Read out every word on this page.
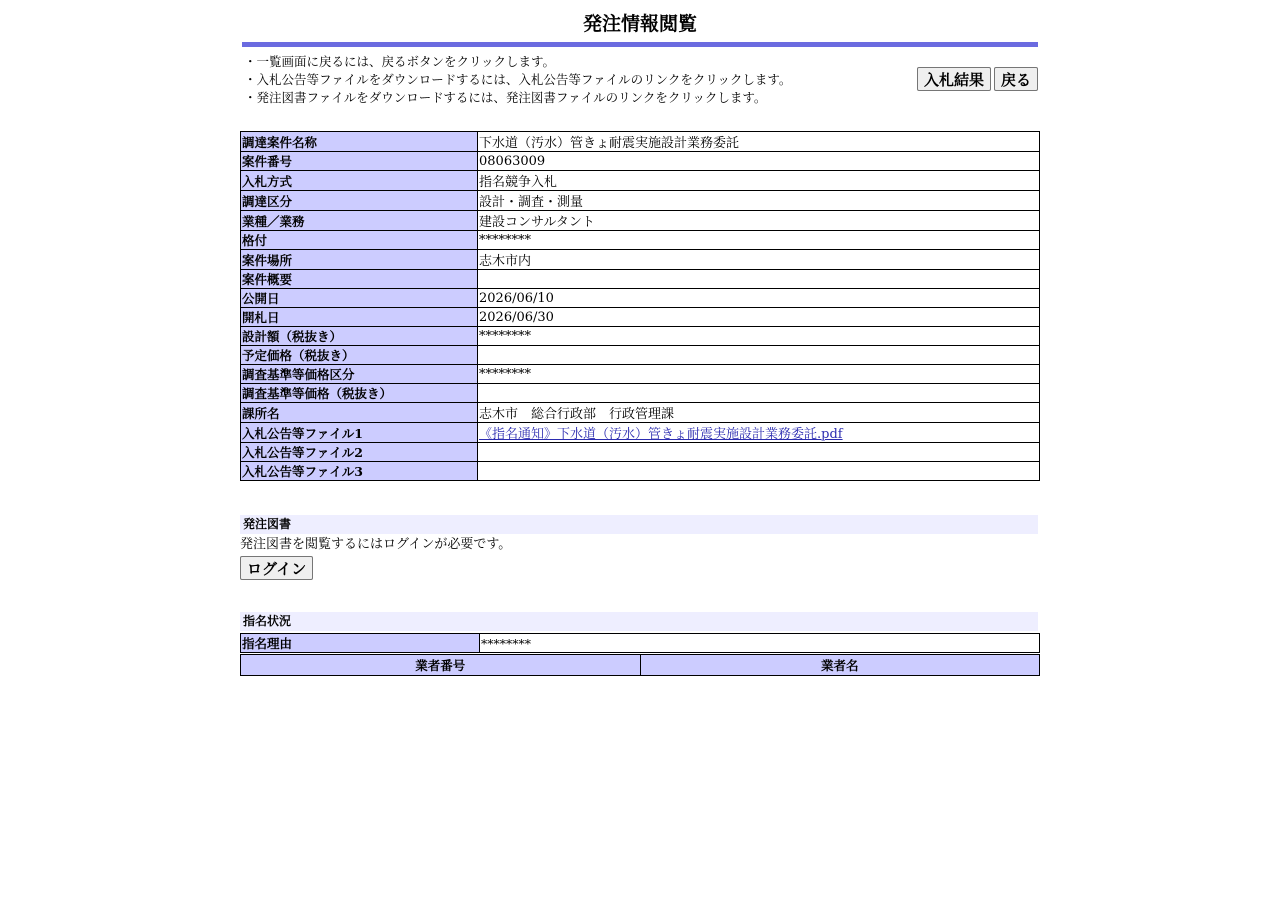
発注情報閲覧
・一覧画面に戻るには、戻るボタンをクリックします。
・入札公告等ファイルをダウンロードするには、入札公告等ファイルのリンクをクリックします。
・発注図書ファイルをダウンロードするには、発注図書ファイルのリンクをクリックします。
入札結果	戻る
調達案件名称	下水道（汚水）管きょ耐震実施設計業務委託
案件番号	08063009
入札方式	指名競争入札
調達区分	設計・調査・測量
業種／業務	建設コンサルタント
格付	********
案件場所	志木市内
案件概要	
公開日	2026/06/10
開札日	2026/06/30
設計額（税抜き）	********
予定価格（税抜き）	
調査基準等価格区分	********
調査基準等価格（税抜き）	
課所名	志木市　総合行政部　行政管理課
入札公告等ファイル1	《指名通知》下水道（汚水）管きょ耐震実施設計業務委託.pdf
入札公告等ファイル2	
入札公告等ファイル3	
発注図書
発注図書を閲覧するにはログインが必要です。
ログイン
指名状況
指名理由	********
業者番号	業者名
